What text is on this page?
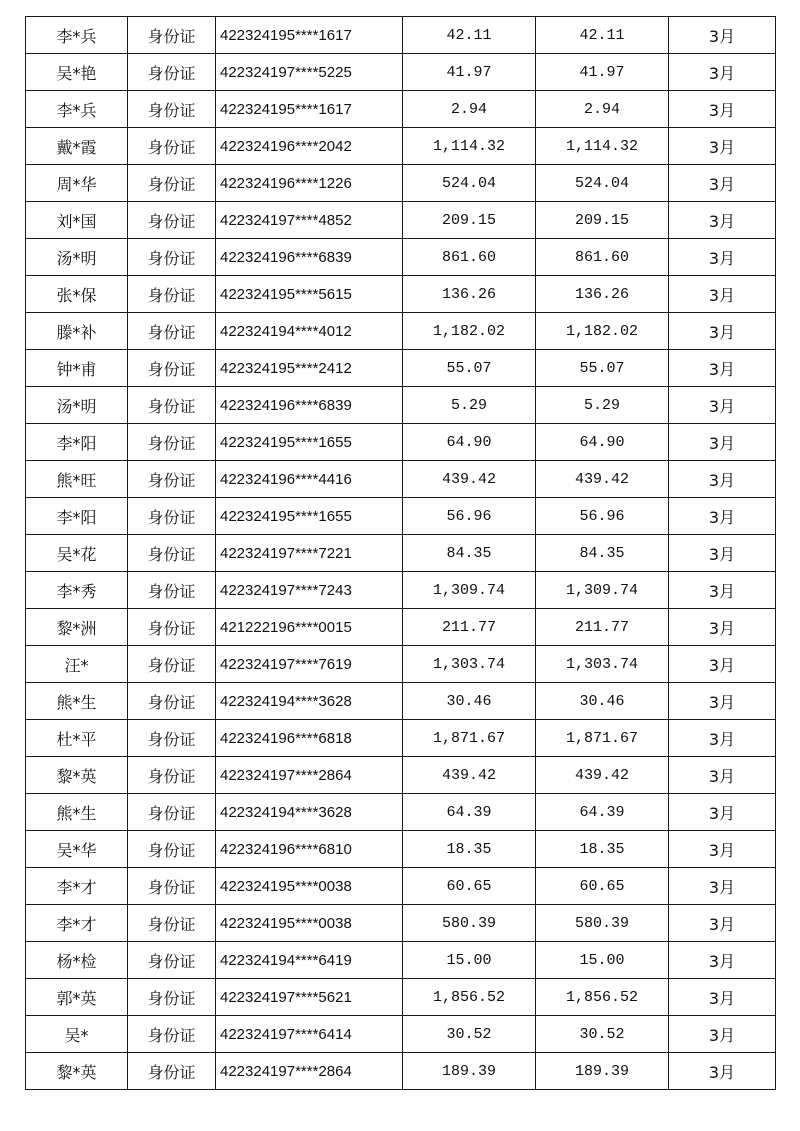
李*兵	身份证	422324195****1617	42.11	42.11	3月
吴*艳	身份证	422324197****5225	41.97	41.97	3月
李*兵	身份证	422324195****1617	2.94	2.94	3月
戴*霞	身份证	422324196****2042	1,114.32	1,114.32	3月
周*华	身份证	422324196****1226	524.04	524.04	3月
刘*国	身份证	422324197****4852	209.15	209.15	3月
汤*明	身份证	422324196****6839	861.60	861.60	3月
张*保	身份证	422324195****5615	136.26	136.26	3月
滕*补	身份证	422324194****4012	1,182.02	1,182.02	3月
钟*甫	身份证	422324195****2412	55.07	55.07	3月
汤*明	身份证	422324196****6839	5.29	5.29	3月
李*阳	身份证	422324195****1655	64.90	64.90	3月
熊*旺	身份证	422324196****4416	439.42	439.42	3月
李*阳	身份证	422324195****1655	56.96	56.96	3月
吴*花	身份证	422324197****7221	84.35	84.35	3月
李*秀	身份证	422324197****7243	1,309.74	1,309.74	3月
黎*洲	身份证	421222196****0015	211.77	211.77	3月
汪*	身份证	422324197****7619	1,303.74	1,303.74	3月
熊*生	身份证	422324194****3628	30.46	30.46	3月
杜*平	身份证	422324196****6818	1,871.67	1,871.67	3月
黎*英	身份证	422324197****2864	439.42	439.42	3月
熊*生	身份证	422324194****3628	64.39	64.39	3月
吴*华	身份证	422324196****6810	18.35	18.35	3月
李*才	身份证	422324195****0038	60.65	60.65	3月
李*才	身份证	422324195****0038	580.39	580.39	3月
杨*检	身份证	422324194****6419	15.00	15.00	3月
郭*英	身份证	422324197****5621	1,856.52	1,856.52	3月
吴*	身份证	422324197****6414	30.52	30.52	3月
黎*英	身份证	422324197****2864	189.39	189.39	3月
